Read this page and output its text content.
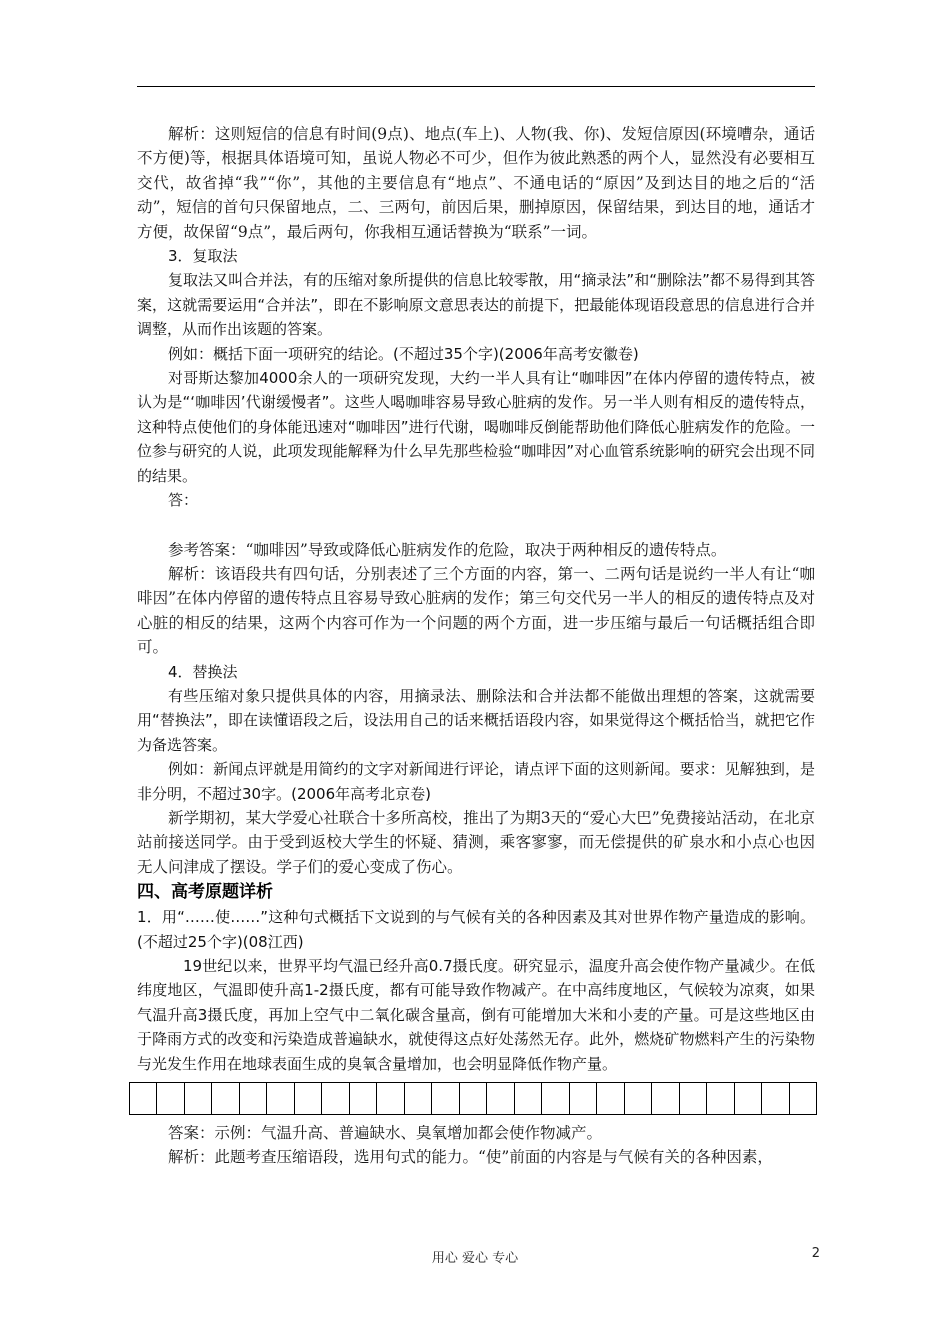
解析：这则短信的信息有时间(9点)、地点(车上)、人物(我、你)、发短信原因(环境嘈杂，通话不方便)等，根据具体语境可知，虽说人物必不可少，但作为彼此熟悉的两个人，显然没有必要相互交代，故省掉“我”“你”，其他的主要信息有“地点”、不通电话的“原因”及到达目的地之后的“活动”，短信的首句只保留地点，二、三两句，前因后果，删掉原因，保留结果，到达目的地，通话才方便，故保留“9点”，最后两句，你我相互通话替换为“联系”一词。

3．复取法

复取法又叫合并法，有的压缩对象所提供的信息比较零散，用“摘录法”和“删除法”都不易得到其答案，这就需要运用“合并法”，即在不影响原文意思表达的前提下，把最能体现语段意思的信息进行合并调整，从而作出该题的答案。

例如：概括下面一项研究的结论。(不超过35个字)(2006年高考安徽卷)

对哥斯达黎加4000余人的一项研究发现，大约一半人具有让“咖啡因”在体内停留的遗传特点，被认为是“‘咖啡因’代谢缓慢者”。这些人喝咖啡容易导致心脏病的发作。另一半人则有相反的遗传特点，这种特点使他们的身体能迅速对“咖啡因”进行代谢，喝咖啡反倒能帮助他们降低心脏病发作的危险。一位参与研究的人说，此项发现能解释为什么早先那些检验“咖啡因”对心血管系统影响的研究会出现不同的结果。

答：

参考答案：“咖啡因”导致或降低心脏病发作的危险，取决于两种相反的遗传特点。

解析：该语段共有四句话，分别表述了三个方面的内容，第一、二两句话是说约一半人有让“咖啡因”在体内停留的遗传特点且容易导致心脏病的发作；第三句交代另一半人的相反的遗传特点及对心脏的相反的结果，这两个内容可作为一个问题的两个方面，进一步压缩与最后一句话概括组合即可。

4．替换法

有些压缩对象只提供具体的内容，用摘录法、删除法和合并法都不能做出理想的答案，这就需要用“替换法”，即在读懂语段之后，设法用自己的话来概括语段内容，如果觉得这个概括恰当，就把它作为备选答案。

例如：新闻点评就是用简约的文字对新闻进行评论，请点评下面的这则新闻。要求：见解独到，是非分明，不超过30字。(2006年高考北京卷)

新学期初，某大学爱心社联合十多所高校，推出了为期3天的“爱心大巴”免费接站活动，在北京站前接送同学。由于受到返校大学生的怀疑、猜测，乘客寥寥，而无偿提供的矿泉水和小点心也因无人问津成了摆设。学子们的爱心变成了伤心。

四、高考原题详析

1．用“……使……”这种句式概括下文说到的与气候有关的各种因素及其对世界作物产量造成的影响。(不超过25个字)(08江西)

19世纪以来，世界平均气温已经升高0.7摄氏度。研究显示，温度升高会使作物产量减少。在低纬度地区，气温即使升高1-2摄氏度，都有可能导致作物减产。在中高纬度地区，气候较为凉爽，如果气温升高3摄氏度，再加上空气中二氧化碳含量高，倒有可能增加大米和小麦的产量。可是这些地区由于降雨方式的改变和污染造成普遍缺水，就使得这点好处荡然无存。此外，燃烧矿物燃料产生的污染物与光发生作用在地球表面生成的臭氧含量增加，也会明显降低作物产量。

答案：示例：气温升高、普遍缺水、臭氧增加都会使作物减产。

解析：此题考查压缩语段，选用句式的能力。“使”前面的内容是与气候有关的各种因素，

用心 爱心 专心	2
